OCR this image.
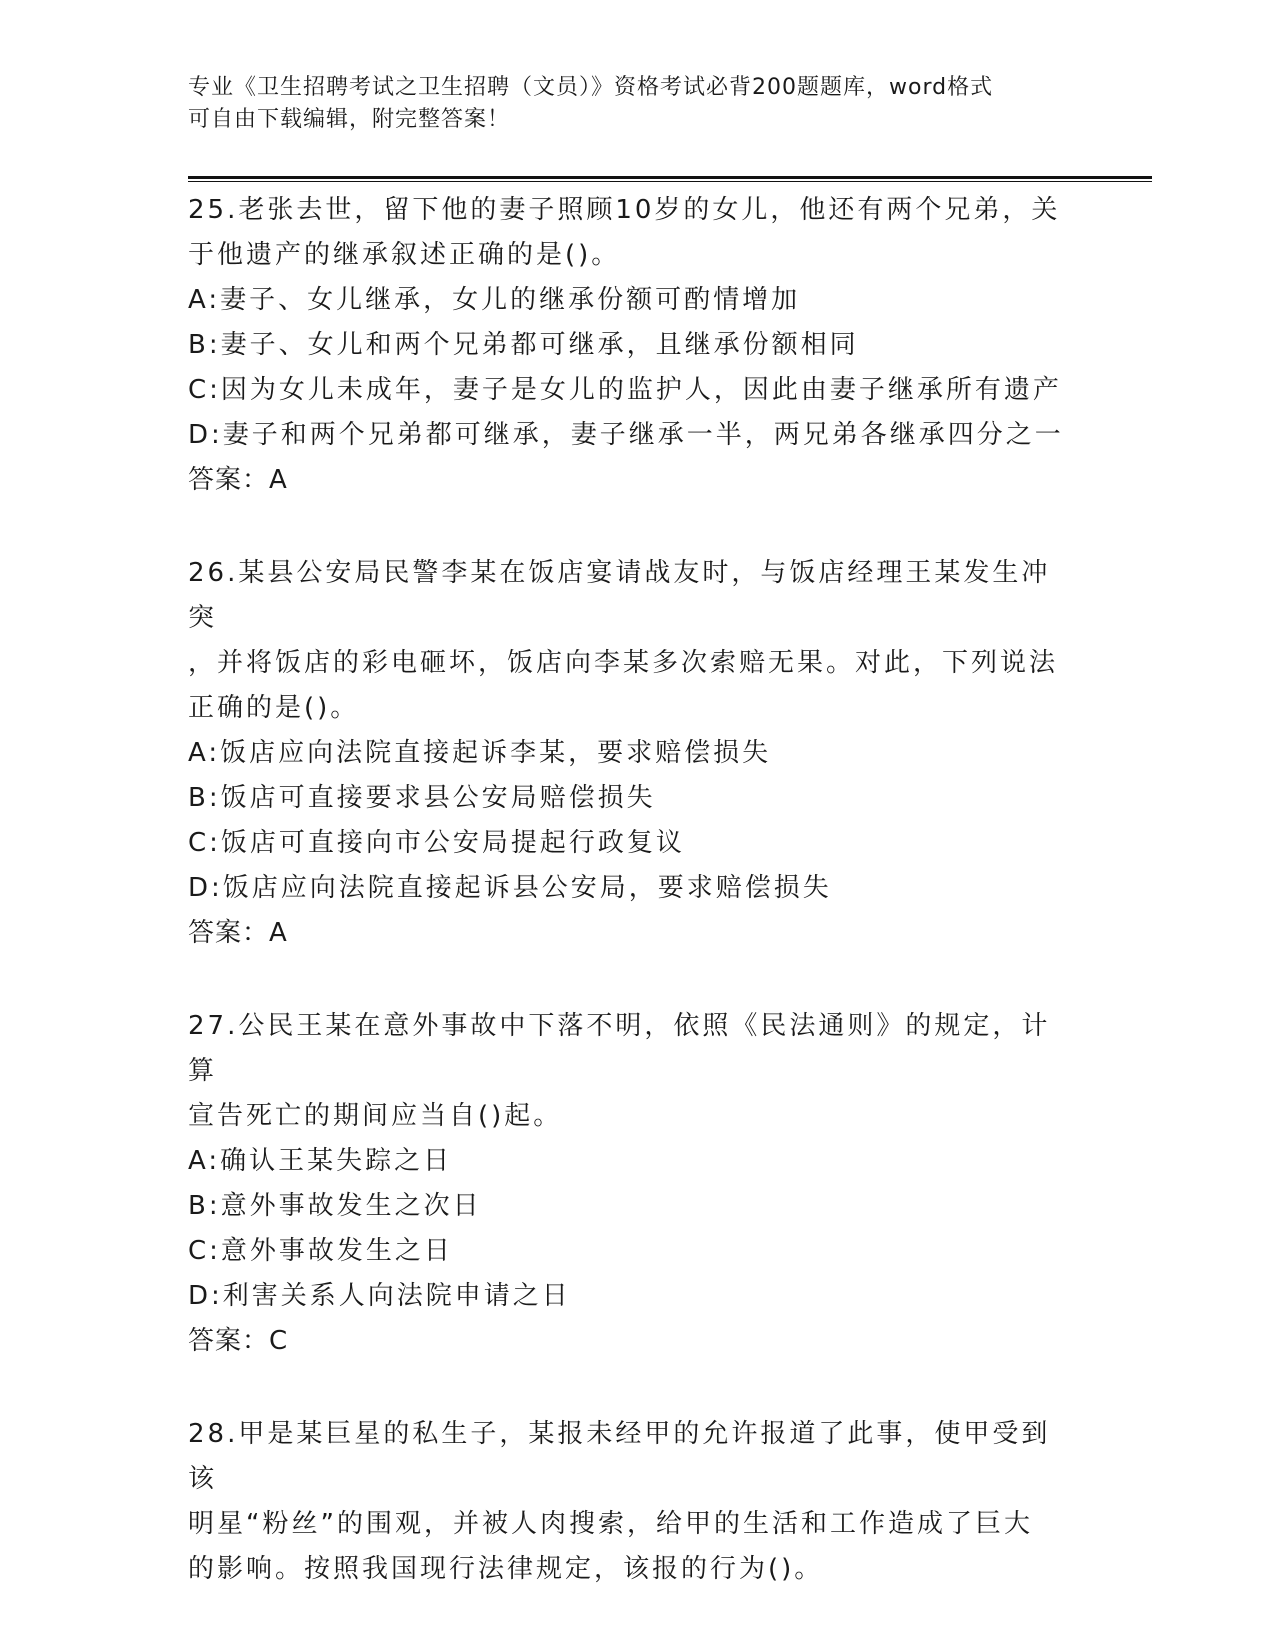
专业《卫生招聘考试之卫生招聘（文员）》资格考试必背200题题库，word格式
可自由下载编辑，附完整答案！
25.老张去世，留下他的妻子照顾10岁的女儿，他还有两个兄弟，关
于他遗产的继承叙述正确的是()。
A:妻子、女儿继承，女儿的继承份额可酌情增加
B:妻子、女儿和两个兄弟都可继承，且继承份额相同
C:因为女儿未成年，妻子是女儿的监护人，因此由妻子继承所有遗产
D:妻子和两个兄弟都可继承，妻子继承一半，两兄弟各继承四分之一
答案：A
26.某县公安局民警李某在饭店宴请战友时，与饭店经理王某发生冲突
，并将饭店的彩电砸坏，饭店向李某多次索赔无果。对此，下列说法
正确的是()。
A:饭店应向法院直接起诉李某，要求赔偿损失
B:饭店可直接要求县公安局赔偿损失
C:饭店可直接向市公安局提起行政复议
D:饭店应向法院直接起诉县公安局，要求赔偿损失
答案：A
27.公民王某在意外事故中下落不明，依照《民法通则》的规定，计算
宣告死亡的期间应当自()起。
A:确认王某失踪之日
B:意外事故发生之次日
C:意外事故发生之日
D:利害关系人向法院申请之日
答案：C
28.甲是某巨星的私生子，某报未经甲的允许报道了此事，使甲受到该
明星“粉丝”的围观，并被人肉搜索，给甲的生活和工作造成了巨大
的影响。按照我国现行法律规定，该报的行为()。
